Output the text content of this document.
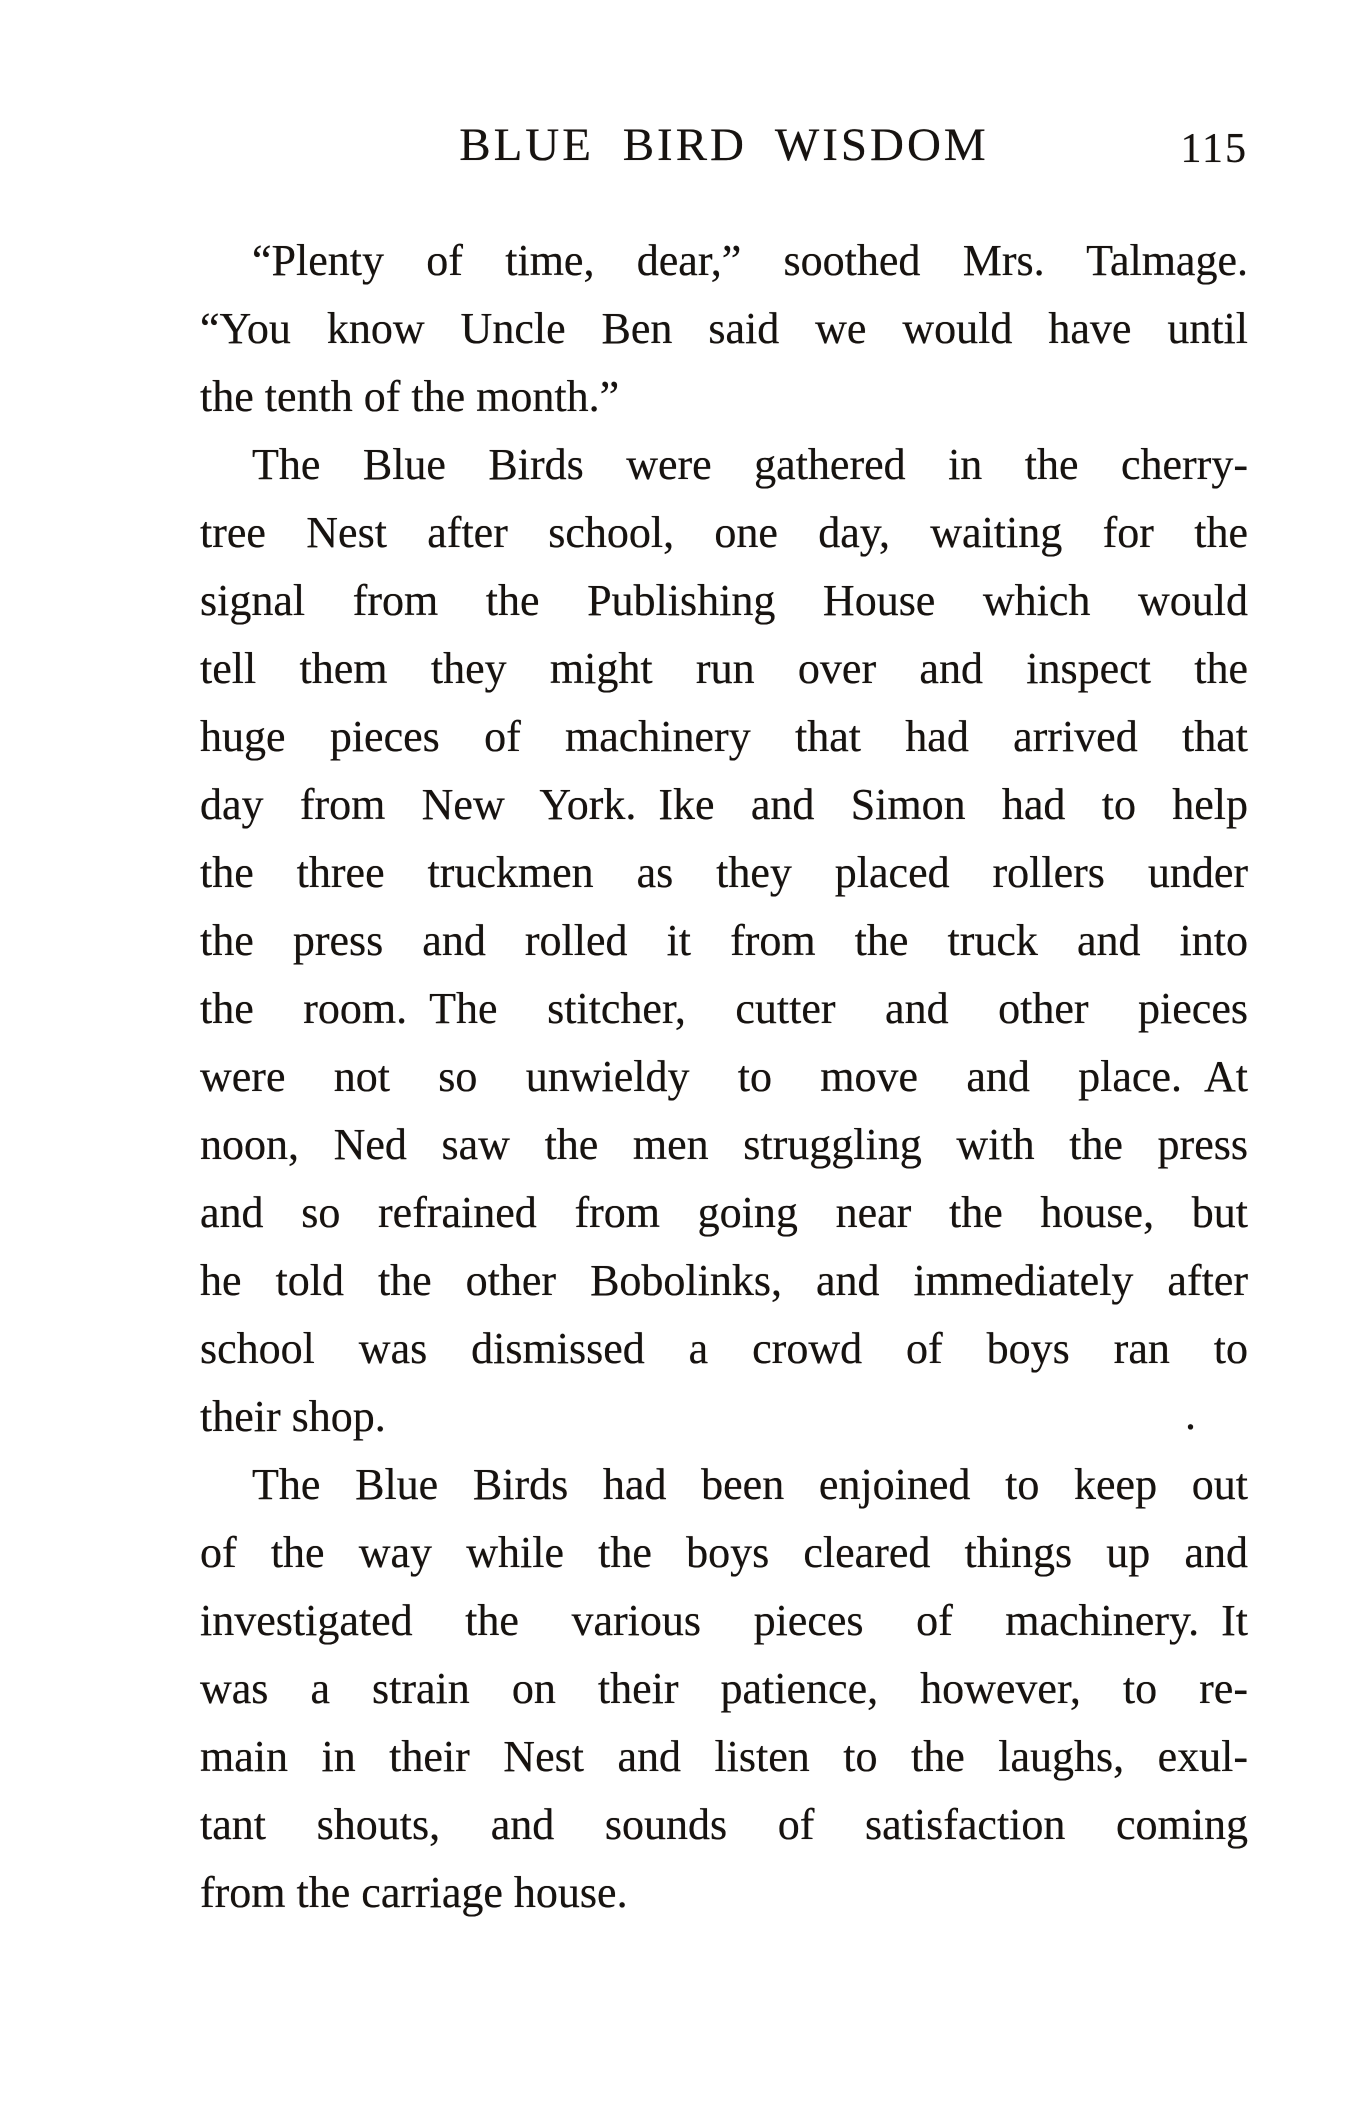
BLUE BIRD WISDOM	115
“Plenty of time, dear,” soothed Mrs. Talmage.
“You know Uncle Ben said we would have until
the tenth of the month.”
The Blue Birds were gathered in the cherry-
tree Nest after school, one day, waiting for the
signal from the Publishing House which would
tell them they might run over and inspect the
huge pieces of machinery that had arrived that
day from New York. Ike and Simon had to help
the three truckmen as they placed rollers under
the press and rolled it from the truck and into
the room. The stitcher, cutter and other pieces
were not so unwieldy to move and place. At
noon, Ned saw the men struggling with the press
and so refrained from going near the house, but
he told the other Bobolinks, and immediately after
school was dismissed a crowd of boys ran to
their shop.	.
The Blue Birds had been enjoined to keep out
of the way while the boys cleared things up and
investigated the various pieces of machinery. It
was a strain on their patience, however, to re-
main in their Nest and listen to the laughs, exul-
tant shouts, and sounds of satisfaction coming
from the carriage house.
